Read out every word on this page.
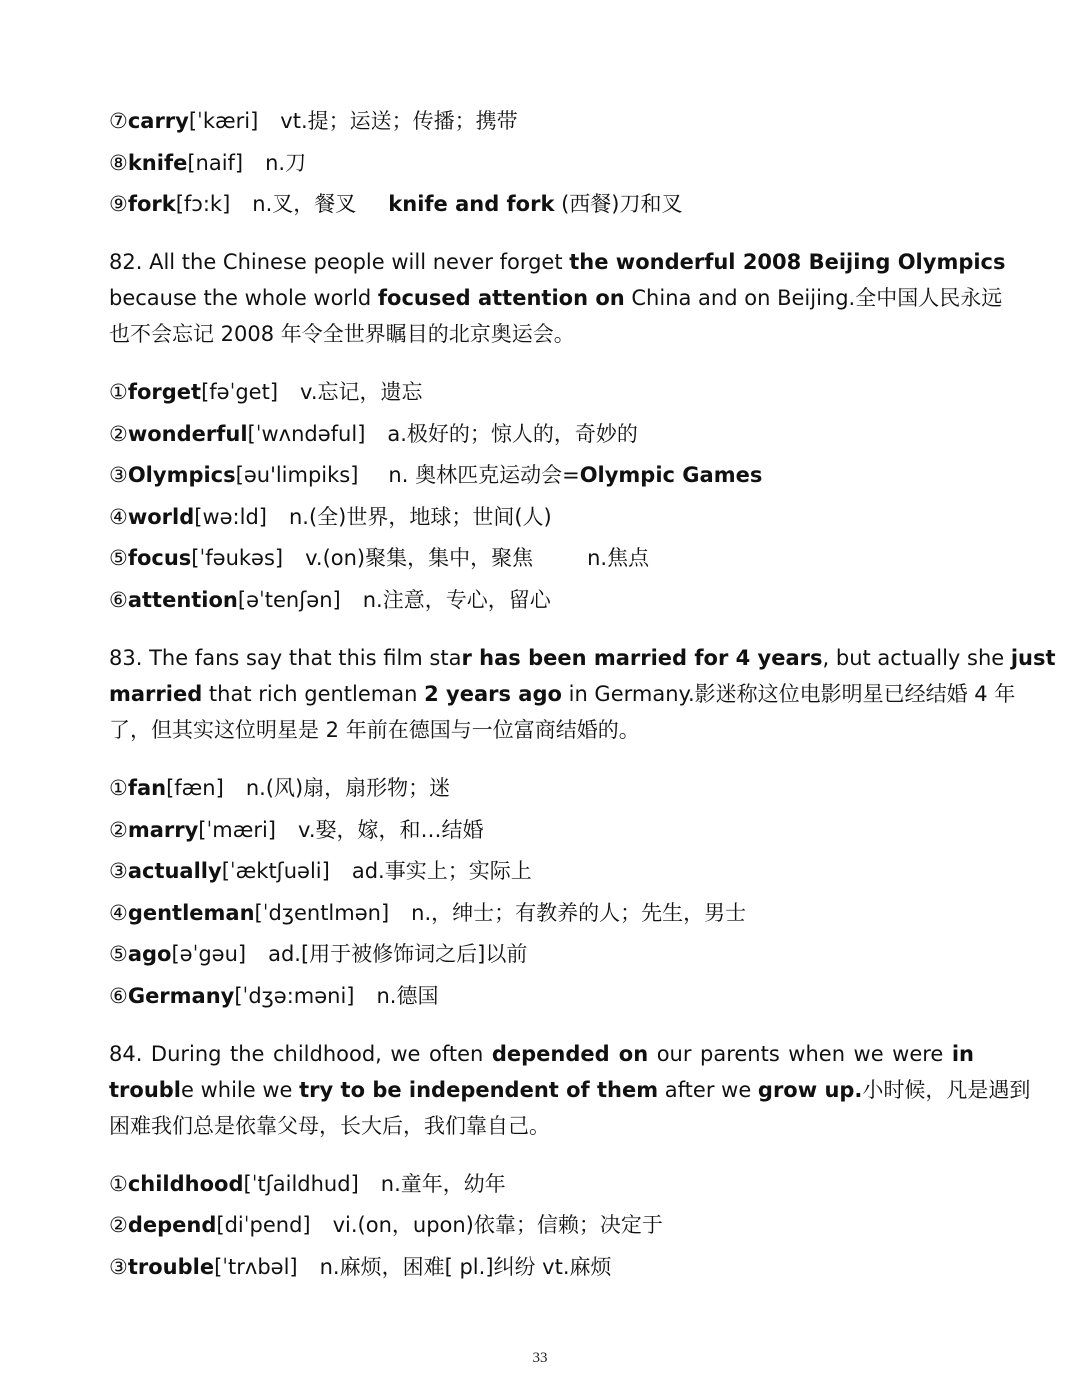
⑦carry[ˈkæri] vt.提；运送；传播；携带
⑧knife[naif] n.刀
⑨fork[fɔ:k] n.叉，餐叉 knife and fork (西餐)刀和叉
82. All the Chinese people will never forget the wonderful 2008 Beijing Olympics
because the whole world focused attention on China and on Beijing.全中国人民永远
也不会忘记 2008 年令全世界瞩目的北京奥运会。
①forget[fəˈget] v.忘记，遗忘
②wonderful[ˈwʌndəful] a.极好的；惊人的，奇妙的
③Olympics[əu'limpiks] n. 奥林匹克运动会=Olympic Games
④world[wə:ld] n.(全)世界，地球；世间(人)
⑤focus[ˈfəukəs] v.(on)聚集，集中，聚焦	n.焦点
⑥attention[əˈtenʃən] n.注意，专心，留心
83. The fans say that this film star has been married for 4 years, but actually she just
married that rich gentleman 2 years ago in Germany.影迷称这位电影明星已经结婚 4 年
了，但其实这位明星是 2 年前在德国与一位富商结婚的。
①fan[fæn] n.(风)扇，扇形物；迷
②marry[ˈmæri] v.娶，嫁，和…结婚
③actually[ˈæktʃuəli] ad.事实上；实际上
④gentleman[ˈdʒentlmən] n.，绅士；有教养的人；先生，男士
⑤ago[əˈgəu] ad.[用于被修饰词之后]以前
⑥Germany[ˈdʒə:məni] n.德国
84. During the childhood, we often depended on our parents when we were in
trouble while we try to be independent of them after we grow up.小时候，凡是遇到
困难我们总是依靠父母，长大后，我们靠自己。
①childhood[ˈtʃaildhud] n.童年，幼年
②depend[diˈpend] vi.(on，upon)依靠；信赖；决定于
③trouble[ˈtrʌbəl] n.麻烦，困难[ pl.]纠纷 vt.麻烦
33
